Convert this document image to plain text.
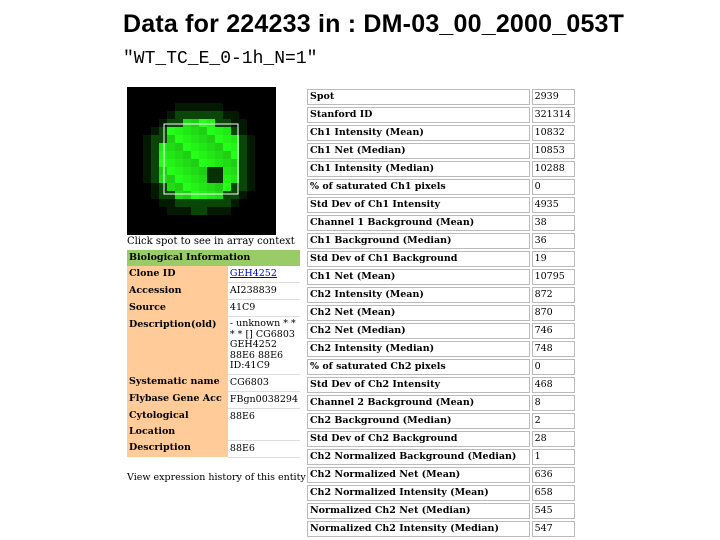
Data for 224233 in : DM-03_00_2000_053T
"WT_TC_E_0-1h_N=1"
Click spot to see in array context
Biological Information	
Clone ID	GEH4252
Accession	AI238839
Source	41C9
Description(old)	- unknown * *
* * [] CG6803
GEH4252
88E6 88E6
ID:41C9

Systematic name	CG6803
Flybase Gene Acc	FBgn0038294
Cytological Location	88E6
Description	88E6
View expression history of this entity
Spot	2939
Stanford ID	321314
Ch1 Intensity (Mean)	10832
Ch1 Net (Median)	10853
Ch1 Intensity (Median)	10288
% of saturated Ch1 pixels	0
Std Dev of Ch1 Intensity	4935
Channel 1 Background (Mean)	38
Ch1 Background (Median)	36
Std Dev of Ch1 Background	19
Ch1 Net (Mean)	10795
Ch2 Intensity (Mean)	872
Ch2 Net (Mean)	870
Ch2 Net (Median)	746
Ch2 Intensity (Median)	748
% of saturated Ch2 pixels	0
Std Dev of Ch2 Intensity	468
Channel 2 Background (Mean)	8
Ch2 Background (Median)	2
Std Dev of Ch2 Background	28
Ch2 Normalized Background (Median)	1
Ch2 Normalized Net (Mean)	636
Ch2 Normalized Intensity (Mean)	658
Normalized Ch2 Net (Median)	545
Normalized Ch2 Intensity (Median)	547
